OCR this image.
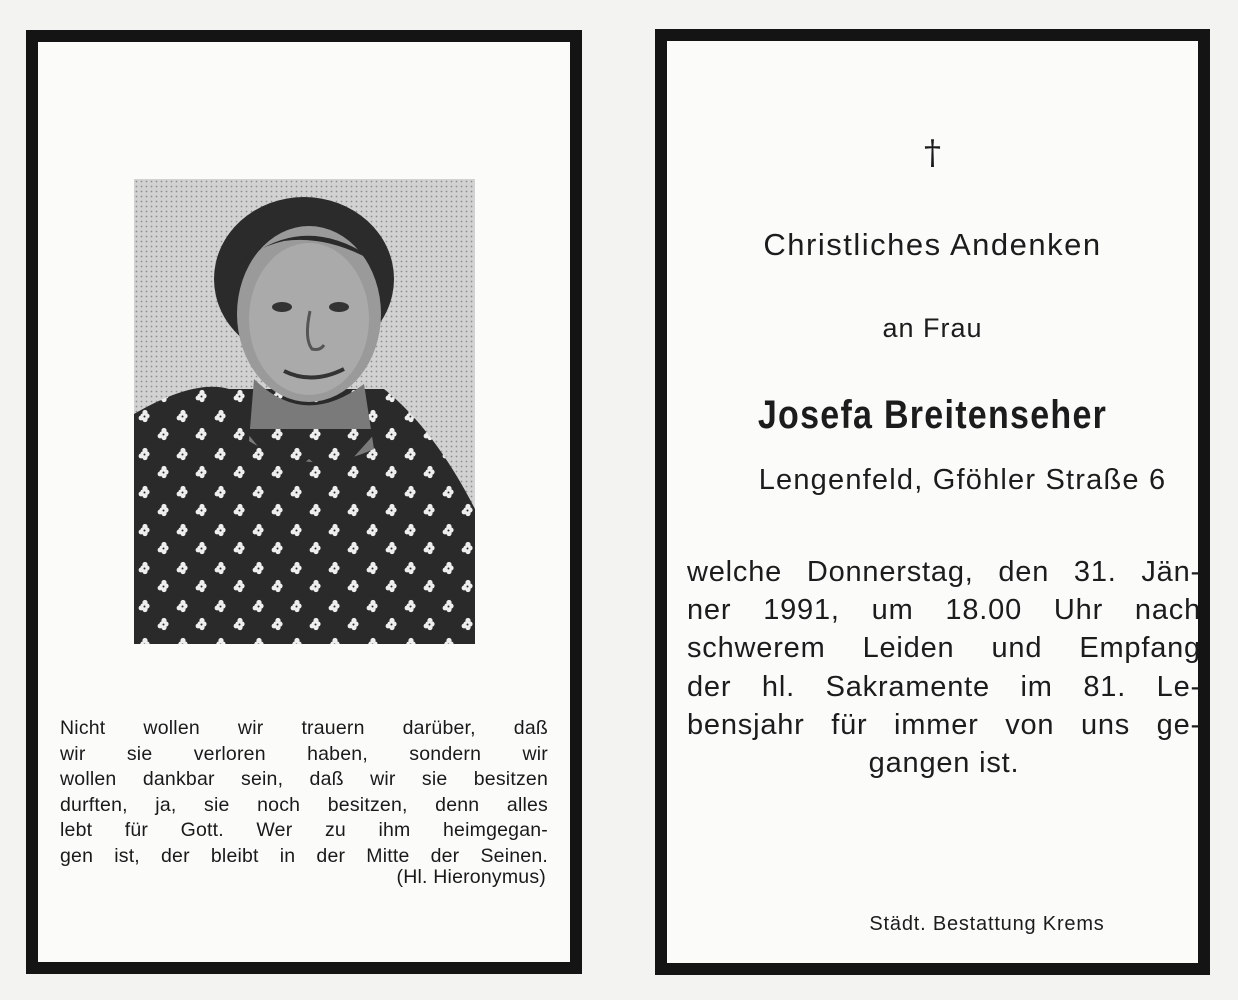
Nicht wollen wir trauern darüber, daß
wir sie verloren haben, sondern wir
wollen dankbar sein, daß wir sie besitzen
durften, ja, sie noch besitzen, denn alles
lebt für Gott. Wer zu ihm heimgegan-
gen ist, der bleibt in der Mitte der Seinen.

(Hl. Hieronymus)
†
Christliches Andenken
an Frau
Josefa Breitenseher
Lengenfeld, Gföhler Straße 6
welche Donnerstag, den 31. Jän-
ner 1991, um 18.00 Uhr nach
schwerem Leiden und Empfang
der hl. Sakramente im 81. Le-
bensjahr für immer von uns ge-
gangen ist.
Städt. Bestattung Krems
